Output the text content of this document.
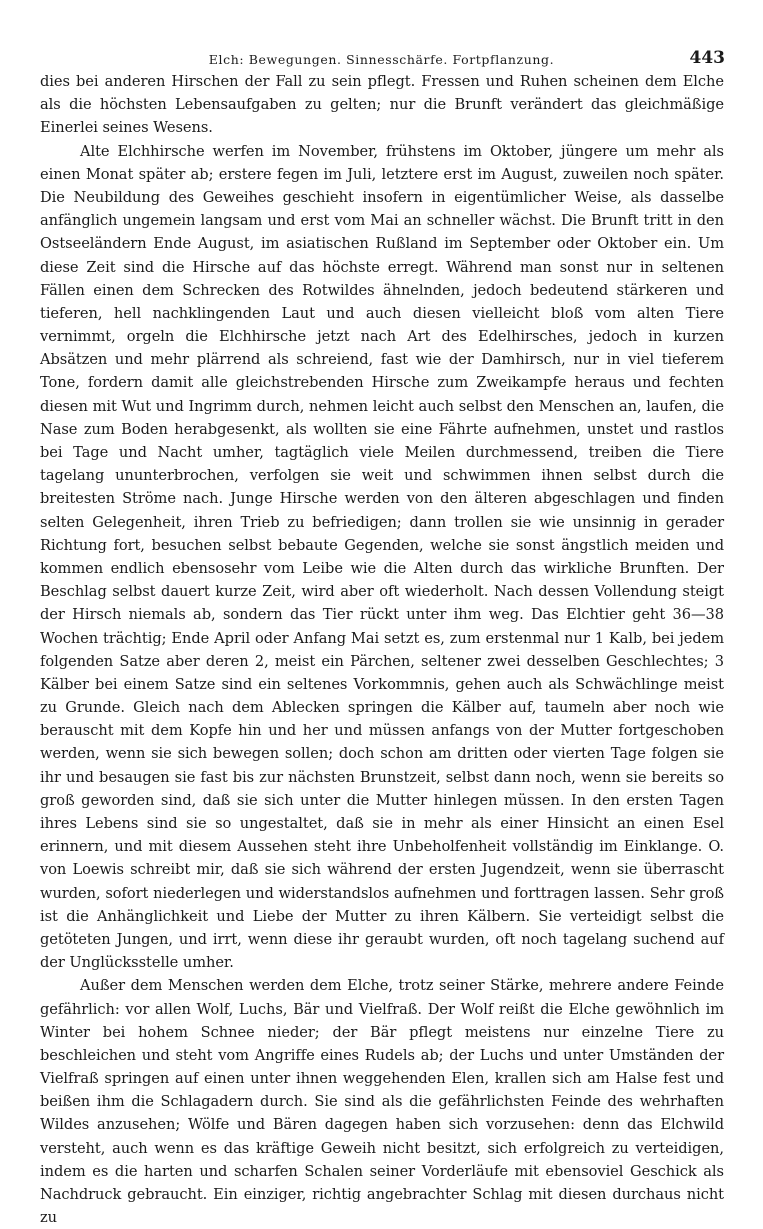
Elch: Bewegungen. Sinnesschärfe. Fortpflanzung.	443

dies bei anderen Hirschen der Fall zu sein pflegt. Fressen und Ruhen scheinen dem Elche als die höchsten Lebensaufgaben zu gelten; nur die Brunft verändert das gleichmäßige Einerlei seines Wesens.

Alte Elchhirsche werfen im November, frühstens im Oktober, jüngere um mehr als einen Monat später ab; erstere fegen im Juli, letztere erst im August, zuweilen noch später. Die Neubildung des Geweihes geschieht insofern in eigentümlicher Weise, als dasselbe anfänglich ungemein langsam und erst vom Mai an schneller wächst. Die Brunft tritt in den Ostseeländern Ende August, im asiatischen Rußland im September oder Oktober ein. Um diese Zeit sind die Hirsche auf das höchste erregt. Während man sonst nur in seltenen Fällen einen dem Schrecken des Rotwildes ähnelnden, jedoch bedeutend stärkeren und tieferen, hell nachklingenden Laut und auch diesen vielleicht bloß vom alten Tiere vernimmt, orgeln die Elchhirsche jetzt nach Art des Edelhirsches, jedoch in kurzen Absätzen und mehr plärrend als schreiend, fast wie der Damhirsch, nur in viel tieferem Tone, fordern damit alle gleichstrebenden Hirsche zum Zweikampfe heraus und fechten diesen mit Wut und Ingrimm durch, nehmen leicht auch selbst den Menschen an, laufen, die Nase zum Boden herabgesenkt, als wollten sie eine Fährte aufnehmen, unstet und rastlos bei Tage und Nacht umher, tagtäglich viele Meilen durchmessend, treiben die Tiere tagelang ununterbrochen, verfolgen sie weit und schwimmen ihnen selbst durch die breitesten Ströme nach. Junge Hirsche werden von den älteren abgeschlagen und finden selten Gelegenheit, ihren Trieb zu befriedigen; dann trollen sie wie unsinnig in gerader Richtung fort, besuchen selbst bebaute Gegenden, welche sie sonst ängstlich meiden und kommen endlich ebensosehr vom Leibe wie die Alten durch das wirkliche Brunften. Der Beschlag selbst dauert kurze Zeit, wird aber oft wiederholt. Nach dessen Vollendung steigt der Hirsch niemals ab, sondern das Tier rückt unter ihm weg. Das Elchtier geht 36—38 Wochen trächtig; Ende April oder Anfang Mai setzt es, zum erstenmal nur 1 Kalb, bei jedem folgenden Satze aber deren 2, meist ein Pärchen, seltener zwei desselben Geschlechtes; 3 Kälber bei einem Satze sind ein seltenes Vorkommnis, gehen auch als Schwächlinge meist zu Grunde. Gleich nach dem Ablecken springen die Kälber auf, taumeln aber noch wie berauscht mit dem Kopfe hin und her und müssen anfangs von der Mutter fortgeschoben werden, wenn sie sich bewegen sollen; doch schon am dritten oder vierten Tage folgen sie ihr und besaugen sie fast bis zur nächsten Brunstzeit, selbst dann noch, wenn sie bereits so groß geworden sind, daß sie sich unter die Mutter hinlegen müssen. In den ersten Tagen ihres Lebens sind sie so ungestaltet, daß sie in mehr als einer Hinsicht an einen Esel erinnern, und mit diesem Aussehen steht ihre Unbeholfenheit vollständig im Einklange. O. von Loewis schreibt mir, daß sie sich während der ersten Jugendzeit, wenn sie überrascht wurden, sofort niederlegen und widerstandslos aufnehmen und forttragen lassen. Sehr groß ist die Anhänglichkeit und Liebe der Mutter zu ihren Kälbern. Sie verteidigt selbst die getöteten Jungen, und irrt, wenn diese ihr geraubt wurden, oft noch tagelang suchend auf der Unglücksstelle umher.

Außer dem Menschen werden dem Elche, trotz seiner Stärke, mehrere andere Feinde gefährlich: vor allen Wolf, Luchs, Bär und Vielfraß. Der Wolf reißt die Elche gewöhnlich im Winter bei hohem Schnee nieder; der Bär pflegt meistens nur einzelne Tiere zu beschleichen und steht vom Angriffe eines Rudels ab; der Luchs und unter Umständen der Vielfraß springen auf einen unter ihnen weggehenden Elen, krallen sich am Halse fest und beißen ihm die Schlagadern durch. Sie sind als die gefährlichsten Feinde des wehrhaften Wildes anzusehen; Wölfe und Bären dagegen haben sich vorzusehen: denn das Elchwild versteht, auch wenn es das kräftige Geweih nicht besitzt, sich erfolgreich zu verteidigen, indem es die harten und scharfen Schalen seiner Vorderläufe mit ebensoviel Geschick als Nachdruck gebraucht. Ein einziger, richtig angebrachter Schlag mit diesen durchaus nicht zu
